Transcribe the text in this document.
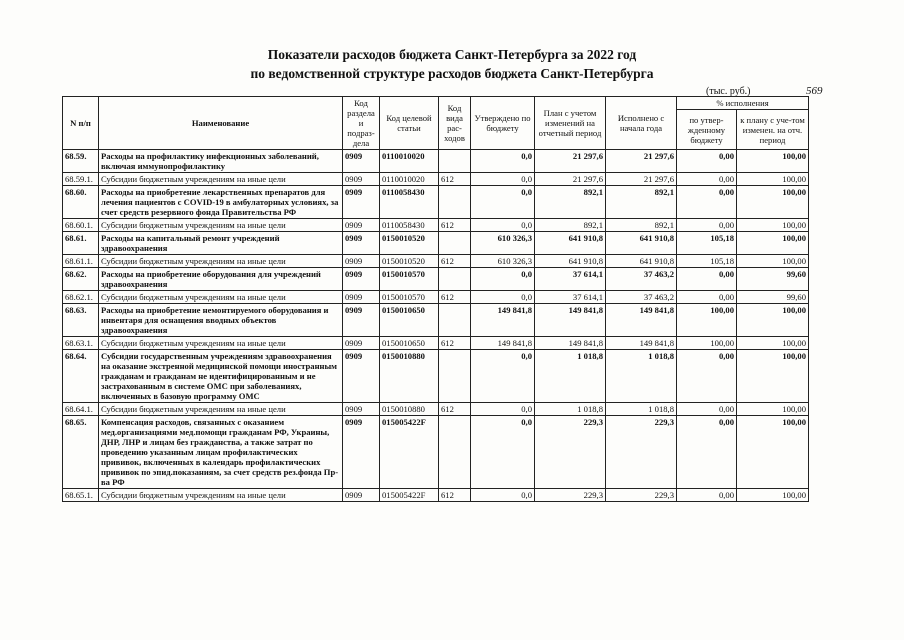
Показатели расходов бюджета Санкт-Петербурга за 2022 год
по ведомственной структуре расходов бюджета Санкт-Петербурга
(тыс. руб.)	569
N п/п	Наименование	Код раздела и подраз-дела	Код целевой статьи	Код вида рас-ходов	Утверждено по бюджету	План с учетом изменений на отчетный период	Исполнено с начала года	% исполнения	
								по утвер-жденному бюджету	к плану с уче-том изменен. на отч. период
68.59.	Расходы на профилактику инфекционных заболеваний, включая иммунопрофилактику	0909	0110010020		0,0	21 297,6	21 297,6	0,00	100,00
68.59.1.	Субсидии бюджетным учреждениям на иные цели	0909	0110010020	612	0,0	21 297,6	21 297,6	0,00	100,00
68.60.	Расходы на приобретение лекарственных препаратов для лечения пациентов с COVID-19 в амбулаторных условиях, за счет средств резервного фонда Правительства РФ	0909	0110058430		0,0	892,1	892,1	0,00	100,00
68.60.1.	Субсидии бюджетным учреждениям на иные цели	0909	0110058430	612	0,0	892,1	892,1	0,00	100,00
68.61.	Расходы на капитальный ремонт учреждений здравоохранения	0909	0150010520		610 326,3	641 910,8	641 910,8	105,18	100,00
68.61.1.	Субсидии бюджетным учреждениям на иные цели	0909	0150010520	612	610 326,3	641 910,8	641 910,8	105,18	100,00
68.62.	Расходы на приобретение оборудования для учреждений здравоохранения	0909	0150010570		0,0	37 614,1	37 463,2	0,00	99,60
68.62.1.	Субсидии бюджетным учреждениям на иные цели	0909	0150010570	612	0,0	37 614,1	37 463,2	0,00	99,60
68.63.	Расходы на приобретение немонтируемого оборудования и инвентаря для оснащения вводных объектов здравоохранения	0909	0150010650		149 841,8	149 841,8	149 841,8	100,00	100,00
68.63.1.	Субсидии бюджетным учреждениям на иные цели	0909	0150010650	612	149 841,8	149 841,8	149 841,8	100,00	100,00
68.64.	Субсидии государственным учреждениям здравоохранения на оказание экстренной медицинской помощи иностранным гражданам и гражданам не идентифицированным и не застрахованным в системе ОМС при заболеваниях, включенных в базовую программу ОМС	0909	0150010880		0,0	1 018,8	1 018,8	0,00	100,00
68.64.1.	Субсидии бюджетным учреждениям на иные цели	0909	0150010880	612	0,0	1 018,8	1 018,8	0,00	100,00
68.65.	Компенсация расходов, связанных с оказанием мед.организациями мед.помощи гражданам РФ, Украины, ДНР, ЛНР и лицам без гражданства, а также затрат по проведению указанным лицам профилактических прививок, включенных в календарь профилактических прививок по эпид.показаниям, за счет средств рез.фонда Пр-ва РФ	0909	015005422F		0,0	229,3	229,3	0,00	100,00
68.65.1.	Субсидии бюджетным учреждениям на иные цели	0909	015005422F	612	0,0	229,3	229,3	0,00	100,00
